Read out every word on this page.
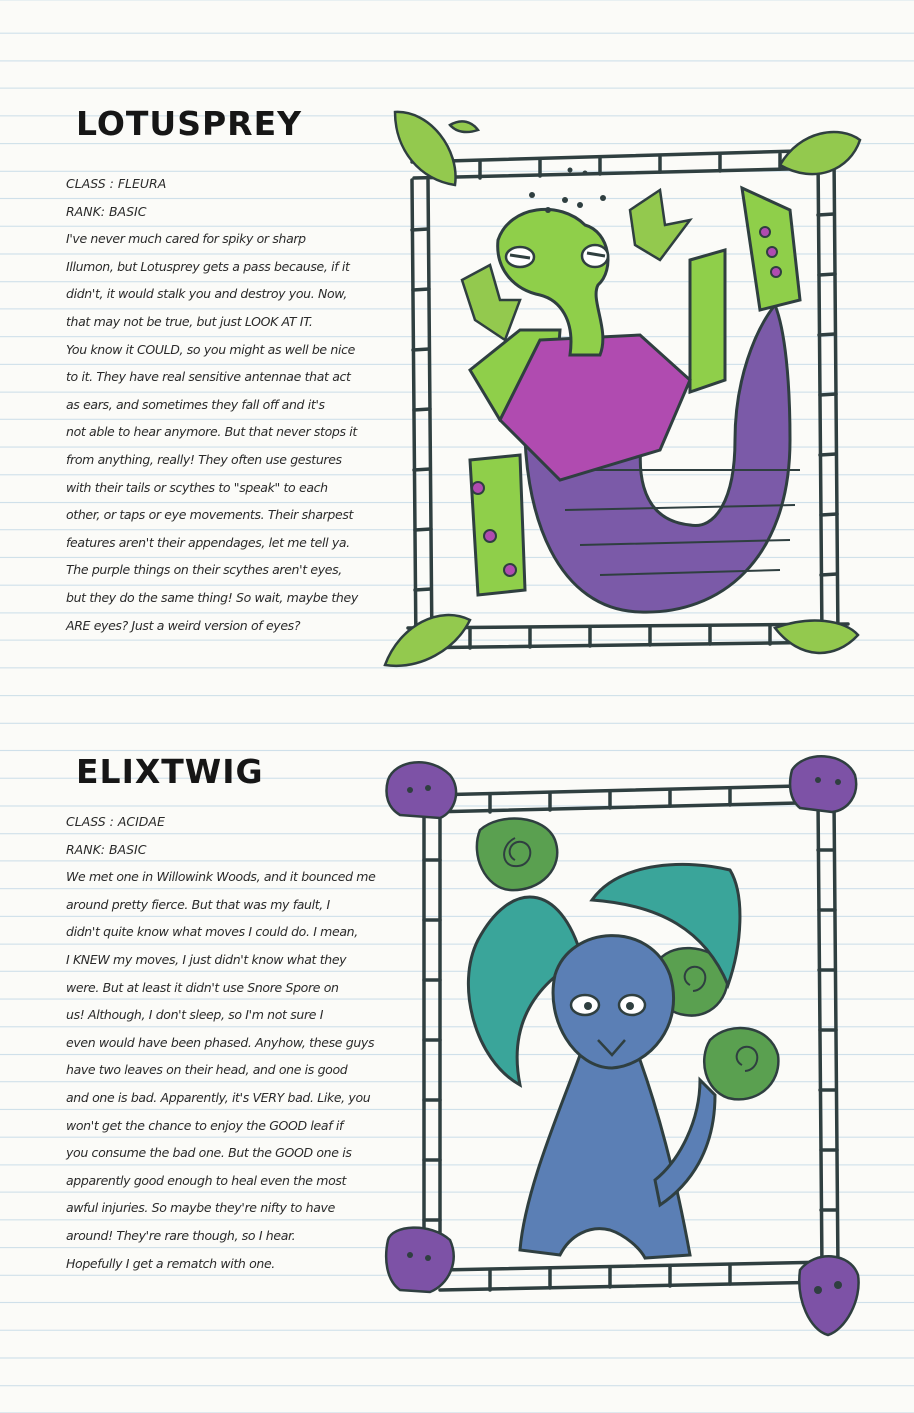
LOTUSPREY
CLASS : FLEURA
RANK: BASIC
I've never much cared for spiky or sharp
Illumon, but Lotusprey gets a pass because, if it
didn't, it would stalk you and destroy you. Now,
that may not be true, but just LOOK AT IT.
You know it COULD, so you might as well be nice
to it. They have real sensitive antennae that act
as ears, and sometimes they fall off and it's
not able to hear anymore. But that never stops it
from anything, really! They often use gestures
with their tails or scythes to "speak" to each
other, or taps or eye movements. Their sharpest
features aren't their appendages, let me tell ya.
The purple things on their scythes aren't eyes,
but they do the same thing! So wait, maybe they
ARE eyes? Just a weird version of eyes?
ELIXTWIG
CLASS : ACIDAE
RANK: BASIC
We met one in Willowink Woods, and it bounced me
around pretty fierce. But that was my fault, I
didn't quite know what moves I could do. I mean,
I KNEW my moves, I just didn't know what they
were. But at least it didn't use Snore Spore on
us! Although, I don't sleep, so I'm not sure I
even would have been phased. Anyhow, these guys
have two leaves on their head, and one is good
and one is bad. Apparently, it's VERY bad. Like, you
won't get the chance to enjoy the GOOD leaf if
you consume the bad one. But the GOOD one is
apparently good enough to heal even the most
awful injuries. So maybe they're nifty to have
around! They're rare though, so I hear.
Hopefully I get a rematch with one.
